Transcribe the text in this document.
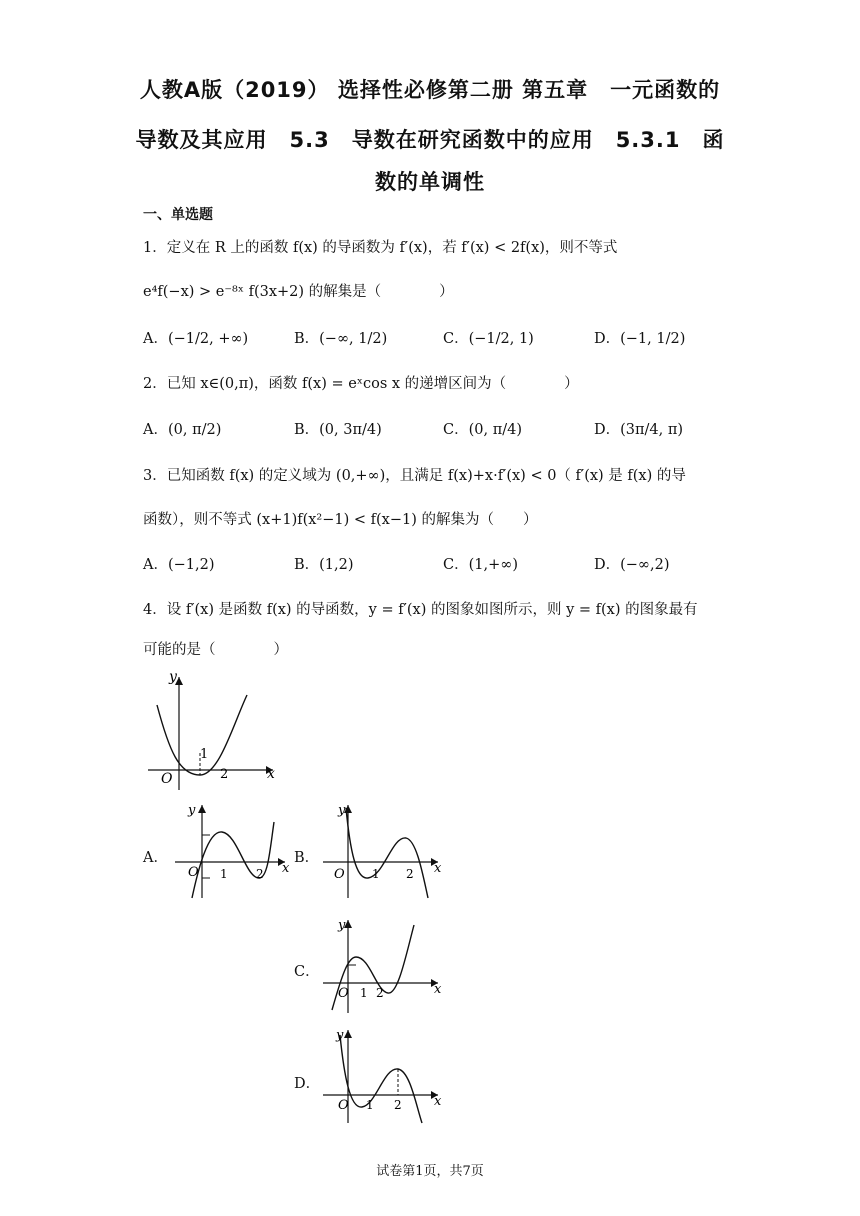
人教A版（2019） 选择性必修第二册 第五章　一元函数的
导数及其应用　5.3　导数在研究函数中的应用　5.3.1　函
数的单调性
一、单选题
1．定义在 R 上的函数 f(x) 的导函数为 f′(x)，若 f′(x) < 2f(x)，则不等式
e⁴f(−x) > e⁻⁸ˣ f(3x+2) 的解集是（　　　　）
A．(−1/2, +∞)	B．(−∞, 1/2)	C．(−1/2, 1)	D．(−1, 1/2)
2．已知 x∈(0,π)，函数 f(x) = eˣcos x 的递增区间为（　　　　）
A．(0, π/2)	B．(0, 3π/4)	C．(0, π/4)	D．(3π/4, π)
3．已知函数 f(x) 的定义域为 (0,+∞)，且满足 f(x)+x·f′(x) < 0（ f′(x) 是 f(x) 的导
函数），则不等式 (x+1)f(x²−1) < f(x−1) 的解集为（　　）
A．(−1,2)	B．(1,2)	C．(1,+∞)	D．(−∞,2)
4．设 f′(x) 是函数 f(x) 的导函数，y = f′(x) 的图象如图所示，则 y = f(x) 的图象最有
可能的是（　　　　）
y
x
O
1
2
A．
y
x
O 1 2
B．
y
x
O 1 2
C．
y
x
O 1 2
D．
y
x
O 1 2
试卷第1页，共7页
